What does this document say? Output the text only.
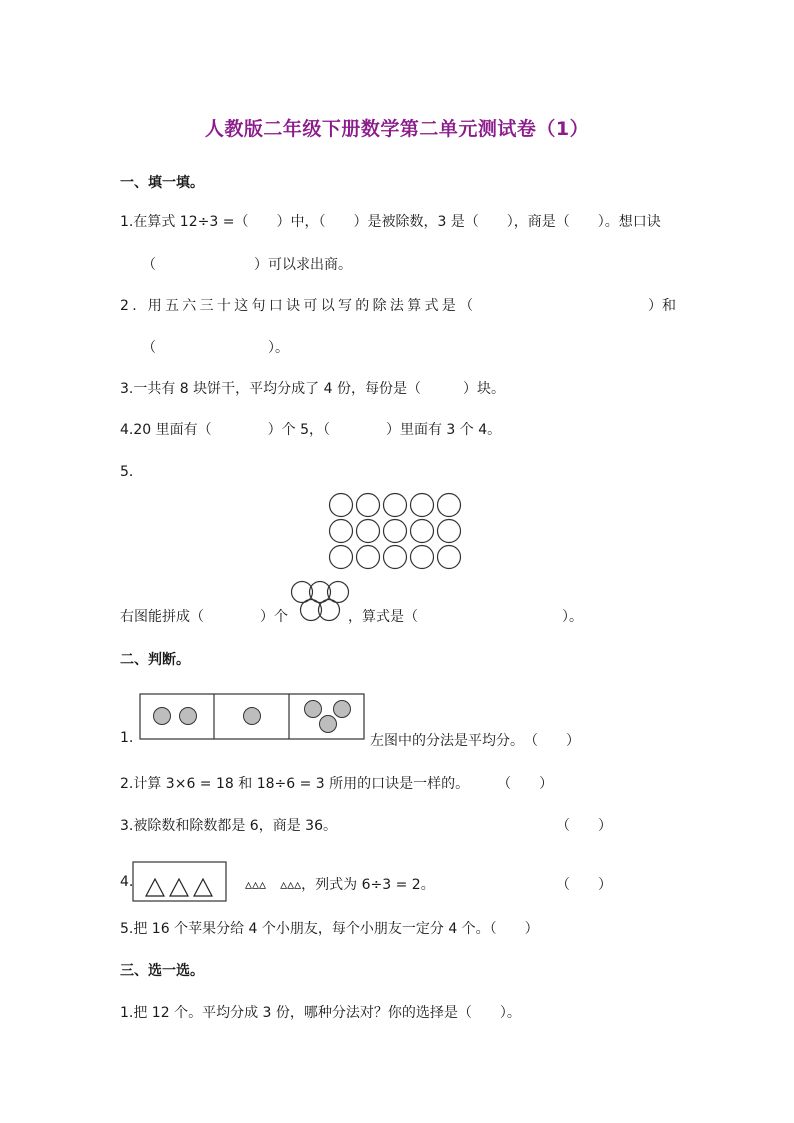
人教版二年级下册数学第二单元测试卷（1）
一、填一填。
1.在算式 12÷3 =（　　）中，（　　）是被除数，3 是（　　），商是（　　）。想口诀
（　　　　　　　）可以求出商。
2. 用五六三十这句口诀可以写的除法算式是（	）和
（　　　　　　　　）。
3.一共有 8 块饼干，平均分成了 4 份，每份是（　　　）块。
4.20 里面有（　　　　）个 5，（　　　　）里面有 3 个 4。
5．
右图能拼成（　　　　）个	，算式是（	）。
二、判断。
1.	左图中的分法是平均分。　（　　）
2.计算 3×6 = 18 和 18÷6 = 3 所用的口诀是一样的。　　　（　　）
3.被除数和除数都是 6，商是 36。	（　　）
4.	▵▵▵　▵▵▵，列式为 6÷3 = 2。	（　　）
5.把 16 个苹果分给 4 个小朋友，每个小朋友一定分 4 个。（　　）
三、选一选。
1.把 12 个。平均分成 3 份，哪种分法对？你的选择是（　　）。
